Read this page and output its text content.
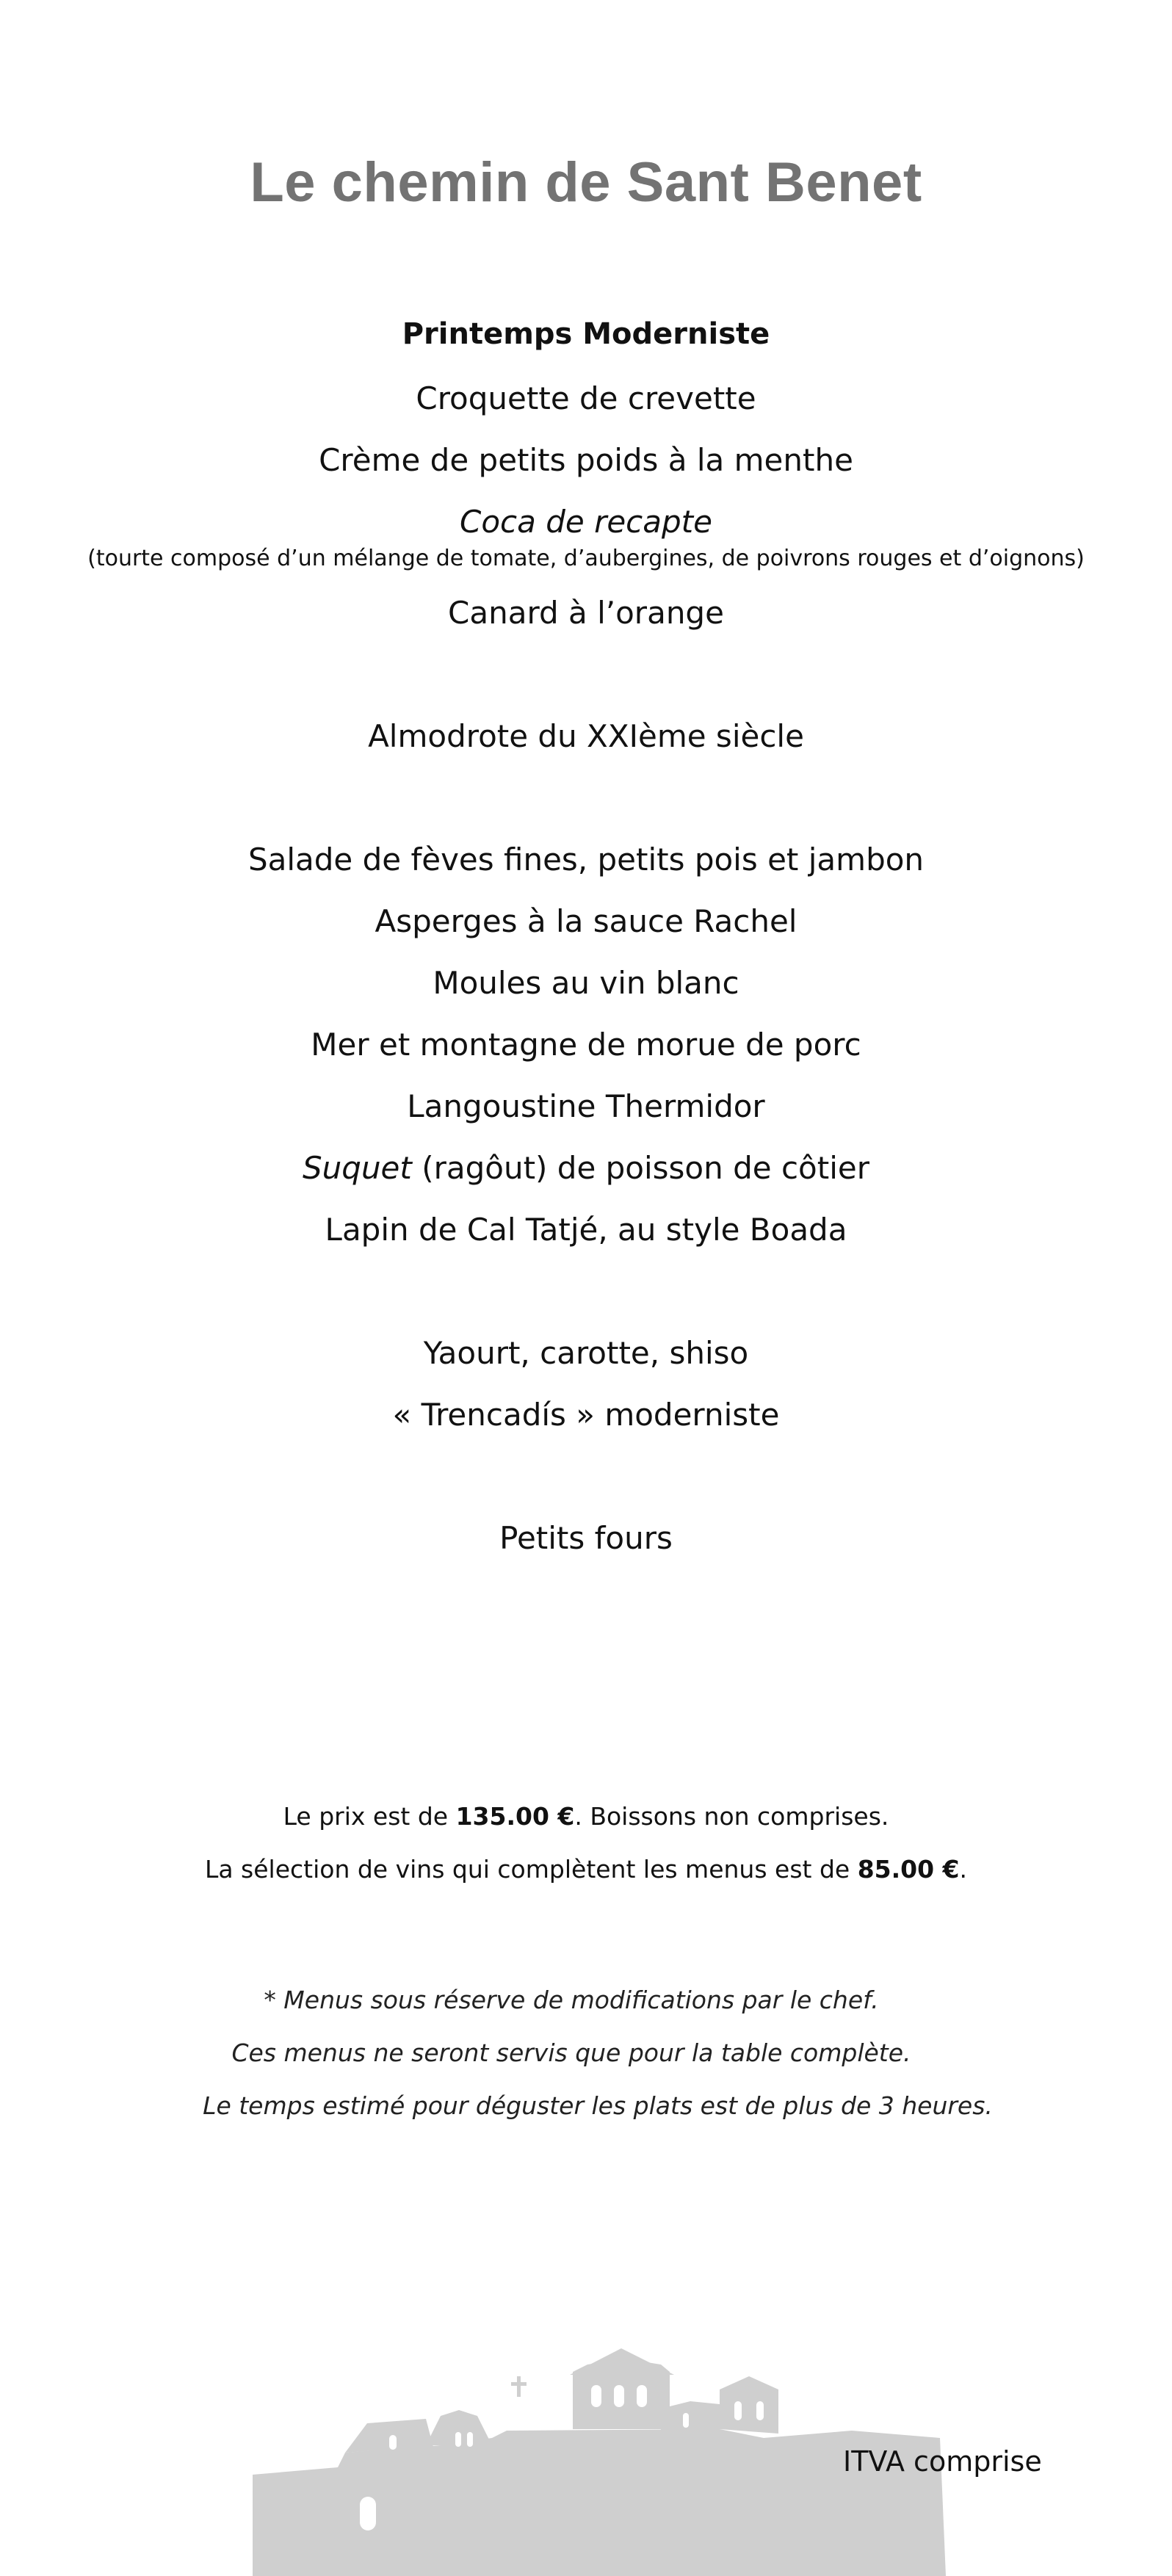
Le chemin de Sant Benet
Printemps Moderniste
Croquette de crevette
Crème de petits poids à la menthe
Coca de recapte
(tourte composé d’un mélange de tomate, d’aubergines, de poivrons rouges et d’oignons)
Canard à l’orange
Almodrote du XXIème siècle
Salade de fèves fines, petits pois et jambon
Asperges à la sauce Rachel
Moules au vin blanc
Mer et montagne de morue de porc
Langoustine Thermidor
Suquet (ragôut) de poisson de côtier
Lapin de Cal Tatjé, au style Boada
Yaourt, carotte, shiso
« Trencadís » moderniste
Petits fours
Le prix est de 135.00 €. Boissons non comprises.
La sélection de vins qui complètent les menus est de 85.00 €.
* Menus sous réserve de modifications par le chef.
Ces menus ne seront servis que pour la table complète.
Le temps estimé pour déguster les plats est de plus de 3 heures.
ITVA comprise
